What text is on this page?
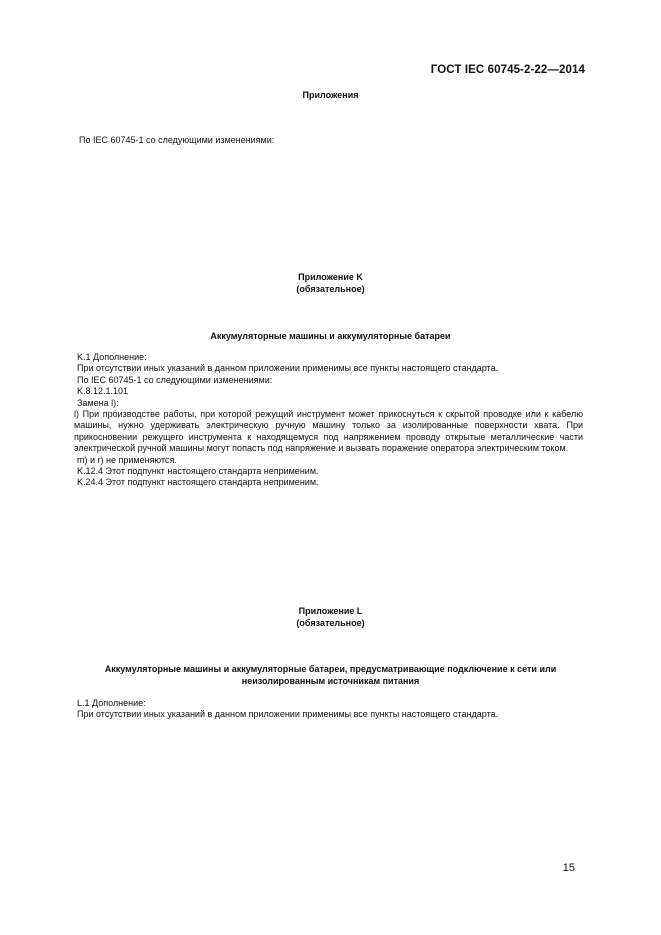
ГОСТ IEC 60745-2-22—2014
Приложения
По IEC 60745-1 со следующими изменениями:
Приложение K
(обязательное)
Аккумуляторные машины и аккумуляторные батареи
K.1 Дополнение:
При отсутствии иных указаний в данном приложении применимы все пункты настоящего стандарта.
По IEC 60745-1 со следующими изменениями:
K.8.12.1.101
Замена l):
l) При производстве работы, при которой режущий инструмент может прикоснуться к скрытой проводке или к кабелю машины, нужно удерживать электрическую ручную машину только за изолированные поверхности хвата. При прикосновении режущего инструмента к находящемуся под напряжением проводу открытые металлические части электрической ручной машины могут попасть под напряжение и вызвать поражение оператора электрическим током.
m) и r) не применяются.
K.12.4 Этот подпункт настоящего стандарта неприменим.
K.24.4 Этот подпункт настоящего стандарта неприменим.
Приложение L
(обязательное)
Аккумуляторные машины и аккумуляторные батареи, предусматривающие подключение к сети или
неизолированным источникам питания
L.1 Дополнение:
При отсутствии иных указаний в данном приложении применимы все пункты настоящего стандарта.
15
